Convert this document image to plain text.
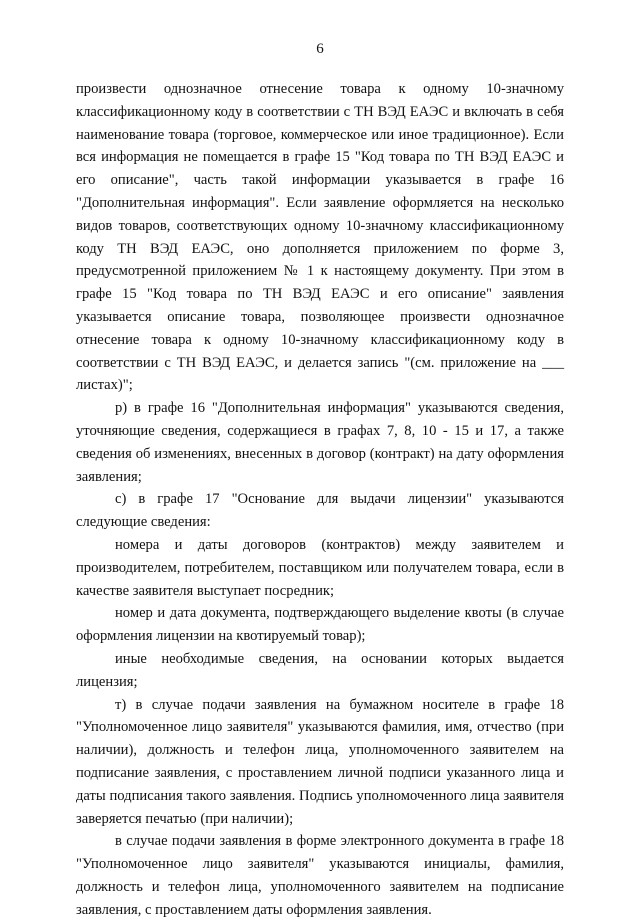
6

произвести однозначное отнесение товара к одному 10-значному классификационному коду в соответствии с ТН ВЭД ЕАЭС и включать в себя наименование товара (торговое, коммерческое или иное традиционное). Если вся информация не помещается в графе 15 "Код товара по ТН ВЭД ЕАЭС и его описание", часть такой информации указывается в графе 16 "Дополнительная информация". Если заявление оформляется на несколько видов товаров, соответствующих одному 10-значному классификационному коду ТН ВЭД ЕАЭС, оно дополняется приложением по форме 3, предусмотренной приложением № 1 к настоящему документу. При этом в графе 15 "Код товара по ТН ВЭД ЕАЭС и его описание" заявления указывается описание товара, позволяющее произвести однозначное отнесение товара к одному 10-значному классификационному коду в соответствии с ТН ВЭД ЕАЭС, и делается запись "(см. приложение на ___ листах)";

р) в графе 16 "Дополнительная информация" указываются сведения, уточняющие сведения, содержащиеся в графах 7, 8, 10 - 15 и 17, а также сведения об изменениях, внесенных в договор (контракт) на дату оформления заявления;

с) в графе 17 "Основание для выдачи лицензии" указываются следующие сведения:

номера и даты договоров (контрактов) между заявителем и производителем, потребителем, поставщиком или получателем товара, если в качестве заявителя выступает посредник;

номер и дата документа, подтверждающего выделение квоты (в случае оформления лицензии на квотируемый товар);

иные необходимые сведения, на основании которых выдается лицензия;

т) в случае подачи заявления на бумажном носителе в графе 18 "Уполномоченное лицо заявителя" указываются фамилия, имя, отчество (при наличии), должность и телефон лица, уполномоченного заявителем на подписание заявления, с проставлением личной подписи указанного лица и даты подписания такого заявления. Подпись уполномоченного лица заявителя заверяется печатью (при наличии);

в случае подачи заявления в форме электронного документа в графе 18 "Уполномоченное лицо заявителя" указываются инициалы, фамилия, должность и телефон лица, уполномоченного заявителем на подписание заявления, с проставлением даты оформления заявления.
